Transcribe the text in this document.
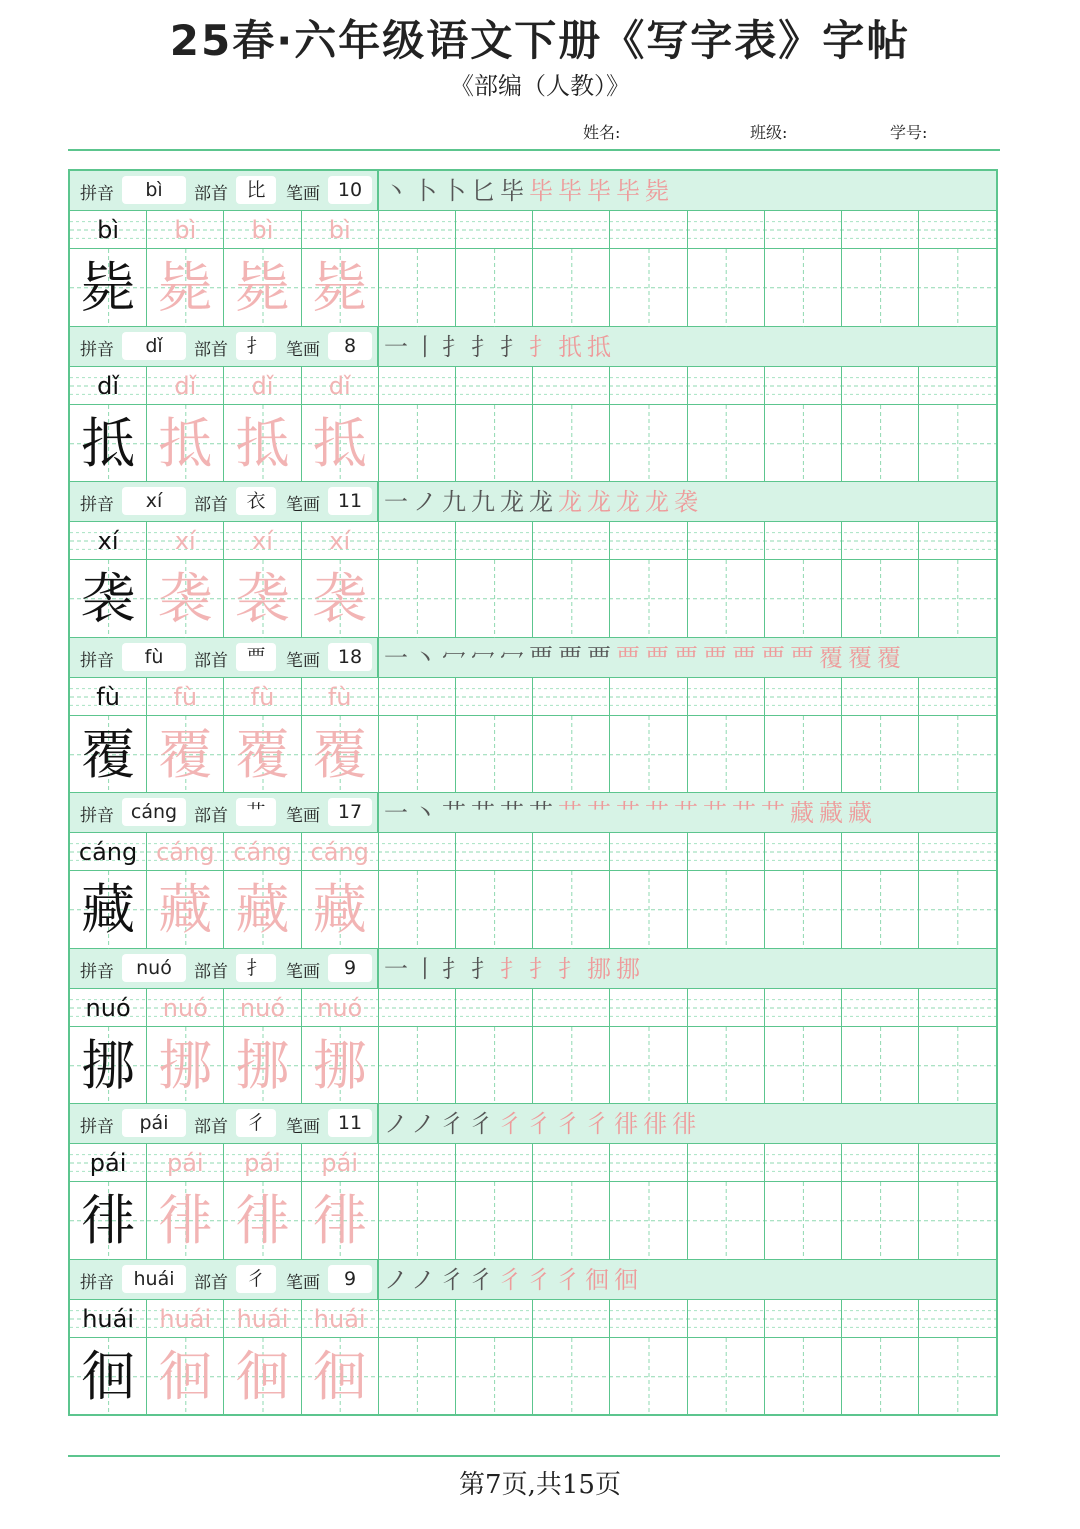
25春·六年级语文下册《写字表》字帖
《部编（人教）》
姓名:	班级:	学号:
拼音	bì	部首 比	笔画 10 丶卜卜匕毕毕毕毕毕毙
bì	bì	bì	bì
毙 毙 毙 毙
拼音	dǐ	部首 扌	笔画	8	一丨扌扌扌扌扺抵
dǐ	dǐ	dǐ	dǐ
抵 抵 抵 抵
拼音	xí	部首 衣	笔画 11 一ノ九九龙龙龙龙龙龙袭
xí	xí	xí	xí
袭 袭 袭 袭
拼音	fù	部首 覀	笔画 18 一丶冖冖冖覀覀覀覀覀覀覀覀覀覀覆覆覆
fù	fù	fù	fù
覆 覆 覆 覆
拼音 cáng 部首 艹	笔画 17 一丶艹艹艹艹艹艹艹艹艹艹艹艹藏藏藏
cáng cáng cáng cáng
藏 藏 藏 藏
拼音	nuó	部首 扌	笔画	9	一丨扌扌扌扌扌挪挪
nuó	nuó	nuó	nuó
挪 挪 挪 挪
拼音	pái	部首 彳	笔画 11 ノノ彳彳彳彳彳彳徘徘徘
pái	pái	pái	pái
徘 徘 徘 徘
拼音	huái	部首 彳	笔画	9	ノノ彳彳彳彳彳徊徊
huái	huái	huái	huái
徊 徊 徊 徊
第7页,共15页
